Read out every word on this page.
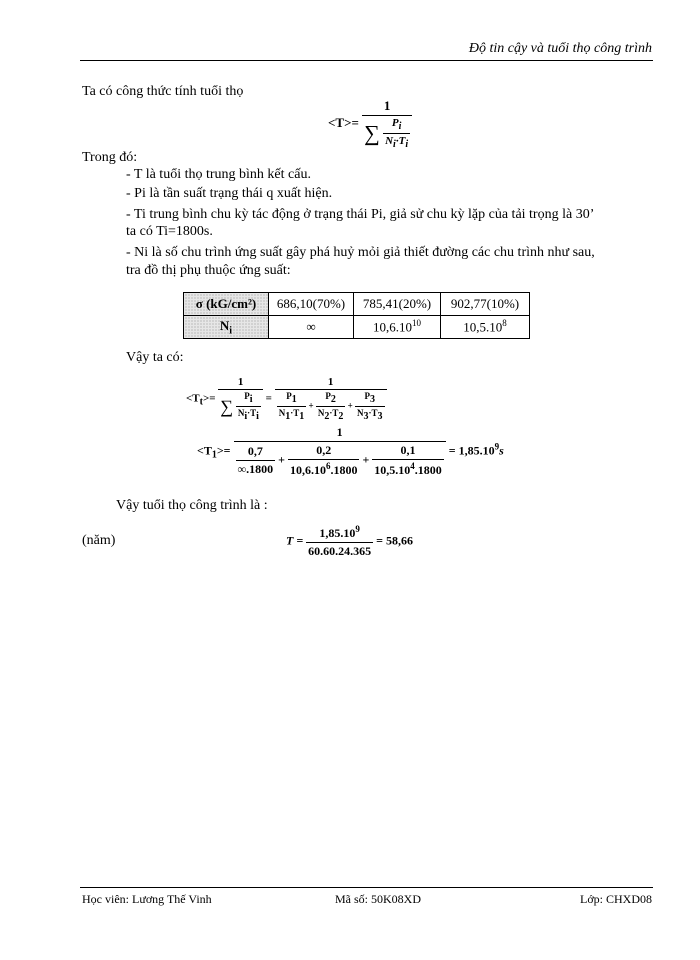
Độ tin cậy và tuổi thọ công trình
Ta có công thức tính tuổi thọ
$<T>= \frac{1}{\sum \frac{P_i}{N_i\cdot T_i}}$
Trong đó:
- T là tuổi thọ trung bình kết cấu.
- Pi là tần suất trạng thái q xuất hiện.
- Ti trung bình chu kỳ tác động ở trạng thái Pi, giả sử chu kỳ lặp của tải trọng là 30’
ta có Ti=1800s.
- Ni là số chu trình ứng suất gây phá huỷ mỏi giả thiết đường các chu trình như sau,
tra đồ thị phụ thuộc ứng suất:
σ (kG/cm²)	686,10(70%)	785,41(20%)	902,77(10%)
$N_i$	∞	10,6.10$^{10}$	10,5.10$^8$
Vậy ta có:
$<T_t>= \frac{1}{\sum \frac{P_i}{N_i\cdot T_i}} = \frac{1}{\frac{P_1}{N_1\cdot T_1} + \frac{P_2}{N_2\cdot T_2} + \frac{P_3}{N_3\cdot T_3}}$
$<T_1>=$
1
$\frac{0,7}{\infty.1800} + \frac{0,2}{10,6.10^6.1800} + \frac{0,1}{10,5.10^4.1800} = 1,85.10^9s$
Vậy tuổi thọ công trình là :
(năm)	$T = \frac{1,85.10^9}{60.60.24.365} = 58,66$
Học viên: Lương Thế Vinh	Mã số: 50K08XD	Lớp: CHXD08
